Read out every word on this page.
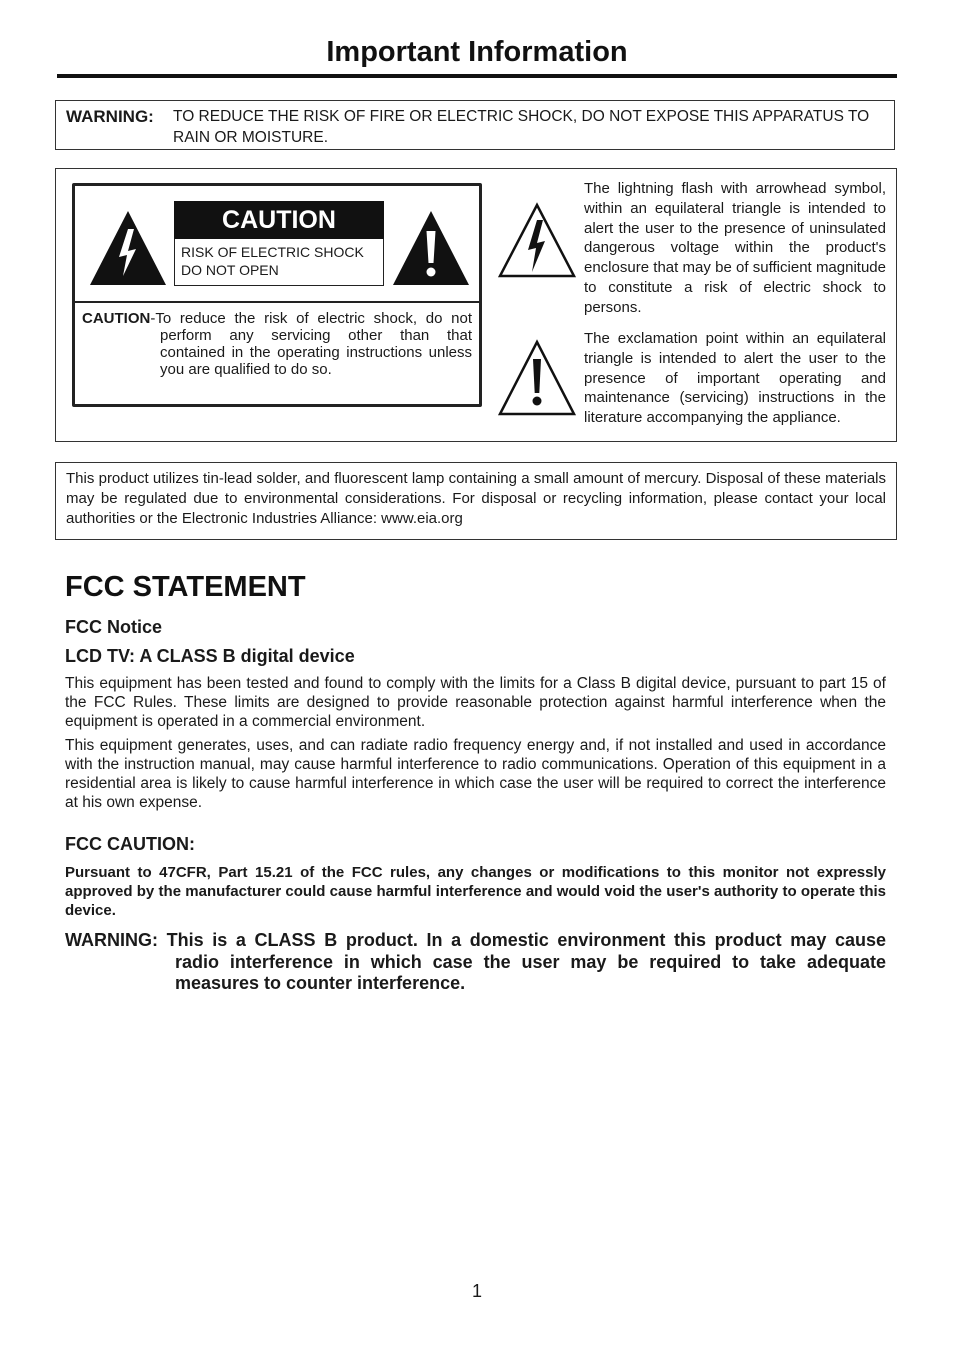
Important Information
WARNING: TO REDUCE THE RISK OF FIRE OR ELECTRIC SHOCK, DO NOT EXPOSE THIS APPARATUS TO RAIN OR MOISTURE.
CAUTION
RISK OF ELECTRIC SHOCK
DO NOT OPEN
CAUTION-To reduce the risk of electric shock, do not
perform any servicing other than that contained in the operating instructions unless you are qualified to do so.
The lightning flash with arrowhead symbol, within an equilateral triangle is intended to alert the user to the presence of uninsulated dangerous voltage within the product's enclosure that may be of sufficient magnitude to constitute a risk of electric shock to persons.
The exclamation point within an equilateral triangle is intended to alert the user to the presence of important operating and maintenance (servicing) instructions in the literature accompanying the appliance.
This product utilizes tin-lead solder, and fluorescent lamp containing a small amount of mercury. Disposal of these materials may be regulated due to environmental considerations. For disposal or recycling information, please contact your local authorities or the Electronic Industries Alliance: www.eia.org
FCC STATEMENT
FCC Notice
LCD TV: A CLASS B digital device
This equipment has been tested and found to comply with the limits for a Class B digital device, pursuant to part 15 of the FCC Rules. These limits are designed to provide reasonable protection against harmful interference when the equipment is operated in a commercial environment.
This equipment generates, uses, and can radiate radio frequency energy and, if not installed and used in accordance with the instruction manual, may cause harmful interference to radio communications. Operation of this equipment in a residential area is likely to cause harmful interference in which case the user will be required to correct the interference at his own expense.
FCC CAUTION:
Pursuant to 47CFR, Part 15.21 of the FCC rules, any changes or modifications to this monitor not expressly approved by the manufacturer could cause harmful interference and would void the user's authority to operate this device.
WARNING: This is a CLASS B product. In a domestic environment this product may cause
radio interference in which case the user may be required to take adequate measures to counter interference.
1
